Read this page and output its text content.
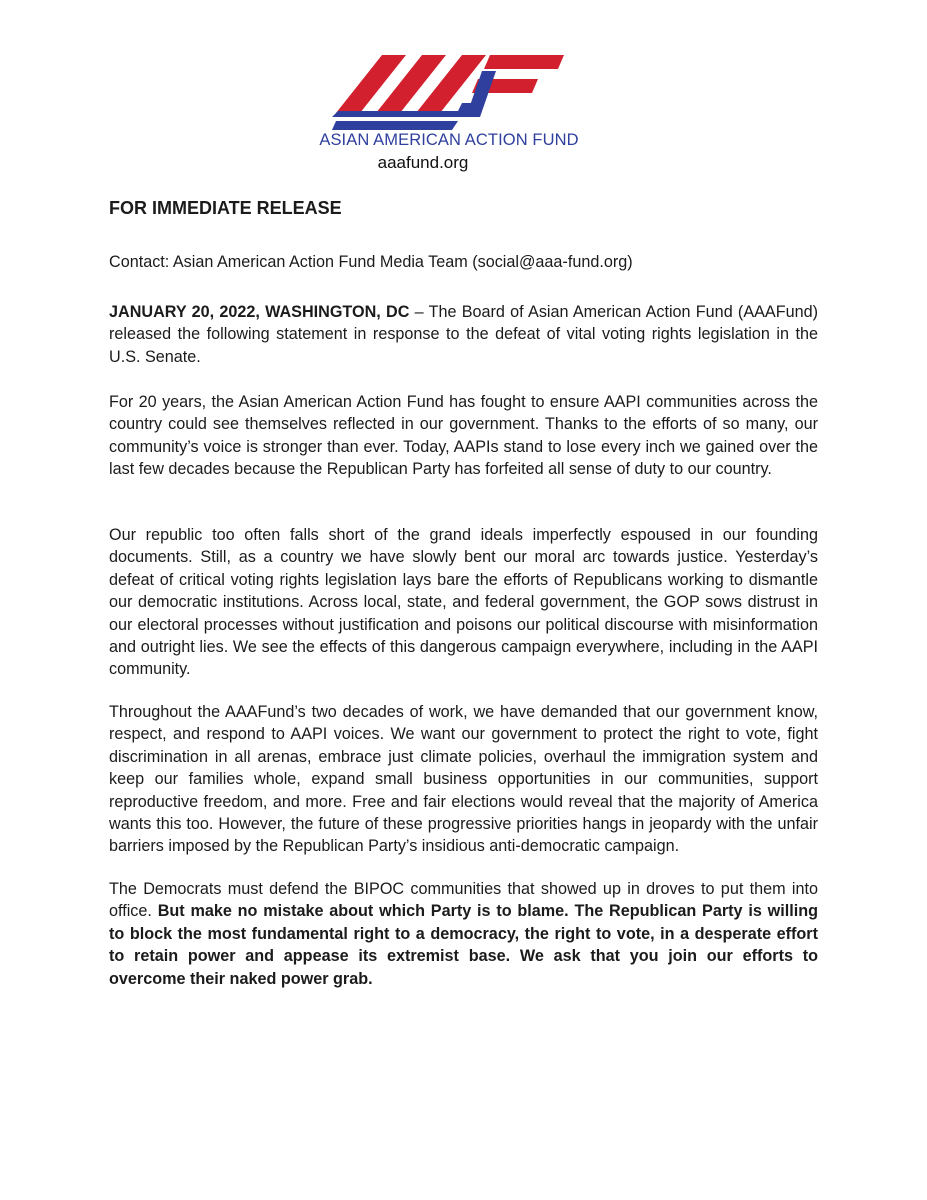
ASIAN AMERICAN ACTION FUND
aaafund.org
FOR IMMEDIATE RELEASE
Contact: Asian American Action Fund Media Team (social@aaa-fund.org)

JANUARY 20, 2022, WASHINGTON, DC – The Board of Asian American Action Fund (AAAFund) released the following statement in response to the defeat of vital voting rights legislation in the U.S. Senate.

For 20 years, the Asian American Action Fund has fought to ensure AAPI communities across the country could see themselves reflected in our government. Thanks to the efforts of so many, our community’s voice is stronger than ever. Today, AAPIs stand to lose every inch we gained over the last few decades because the Republican Party has forfeited all sense of duty to our country.

Our republic too often falls short of the grand ideals imperfectly espoused in our founding documents. Still, as a country we have slowly bent our moral arc towards justice. Yesterday’s defeat of critical voting rights legislation lays bare the efforts of Republicans working to dismantle our democratic institutions. Across local, state, and federal government, the GOP sows distrust in our electoral processes without justification and poisons our political discourse with misinformation and outright lies. We see the effects of this dangerous campaign everywhere, including in the AAPI community.

Throughout the AAAFund’s two decades of work, we have demanded that our government know, respect, and respond to AAPI voices. We want our government to protect the right to vote, fight discrimination in all arenas, embrace just climate policies, overhaul the immigration system and keep our families whole, expand small business opportunities in our communities, support reproductive freedom, and more. Free and fair elections would reveal that the majority of America wants this too. However, the future of these progressive priorities hangs in jeopardy with the unfair barriers imposed by the Republican Party’s insidious anti-democratic campaign.

The Democrats must defend the BIPOC communities that showed up in droves to put them into office. But make no mistake about which Party is to blame. The Republican Party is willing to block the most fundamental right to a democracy, the right to vote, in a desperate effort to retain power and appease its extremist base. We ask that you join our efforts to overcome their naked power grab.
